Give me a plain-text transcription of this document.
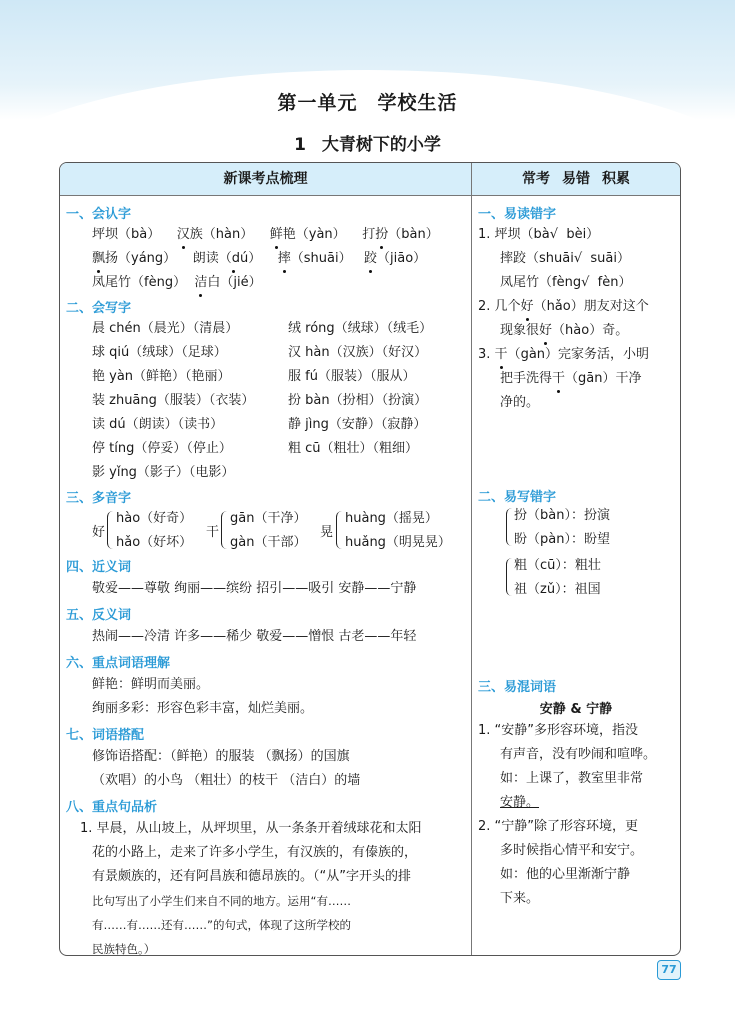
第一单元 学校生活
1 大青树下的小学
新课考点梳理	常考 易错 积累
一、会认字
坪坝（bà） 汉族（hàn） 鲜艳（yàn） 打扮（bàn）
飘扬（yáng） 朗读（dú） 摔（shuāi） 跤（jiāo）
凤尾竹（fèng） 洁白（jié）
二、会写字
晨 chén（晨光）（清晨）	绒 róng（绒球）（绒毛）
球 qiú（绒球）（足球）	汉 hàn（汉族）（好汉）
艳 yàn（鲜艳）（艳丽）	服 fú（服装）（服从）
装 zhuāng（服装）（衣装）	扮 bàn（扮相）（扮演）
读 dú（朗读）（读书）	静 jìng（安静）（寂静）
停 tíng（停妥）（停止）	粗 cū（粗壮）（粗细）
影 yǐng（影子）（电影）
三、多音字
好
hào（好奇）
hǎo（好坏）
干
gān（干净）
gàn（干部）
晃
huàng（摇晃）
huǎng（明晃晃）
四、近义词
敬爱——尊敬 绚丽——缤纷 招引——吸引 安静——宁静
五、反义词
热闹——冷清 许多——稀少 敬爱——憎恨 古老——年轻
六、重点词语理解
鲜艳：鲜明而美丽。
绚丽多彩：形容色彩丰富，灿烂美丽。
七、词语搭配
修饰语搭配：（鲜艳）的服装 （飘扬）的国旗
（欢唱）的小鸟 （粗壮）的枝干 （洁白）的墙
八、重点句品析
1. 早晨，从山坡上，从坪坝里，从一条条开着绒球花和太阳
花的小路上，走来了许多小学生，有汉族的，有傣族的，
有景颇族的，还有阿昌族和德昂族的。（“从”字开头的排
比句写出了小学生们来自不同的地方。运用“有……
有……有……还有……”的句式，体现了这所学校的
民族特色。）
一、易读错字
1. 坪坝（bà√ bèi）
摔跤（shuāi√ suāi）
凤尾竹（fèng√ fèn）
2. 几个好（hǎo）朋友对这个
现象很好（hào）奇。
3. 干（gàn）完家务活，小明
把手洗得干（gān）干净
净的。
二、易写错字
扮（bàn）：扮演
盼（pàn）：盼望
粗（cū）：粗壮
祖（zǔ）：祖国
三、易混词语
安静 & 宁静
1. “安静”多形容环境，指没
有声音，没有吵闹和喧哗。
如：上课了，教室里非常
安静。
2. “宁静”除了形容环境，更
多时候指心情平和安宁。
如：他的心里渐渐宁静
下来。
77
